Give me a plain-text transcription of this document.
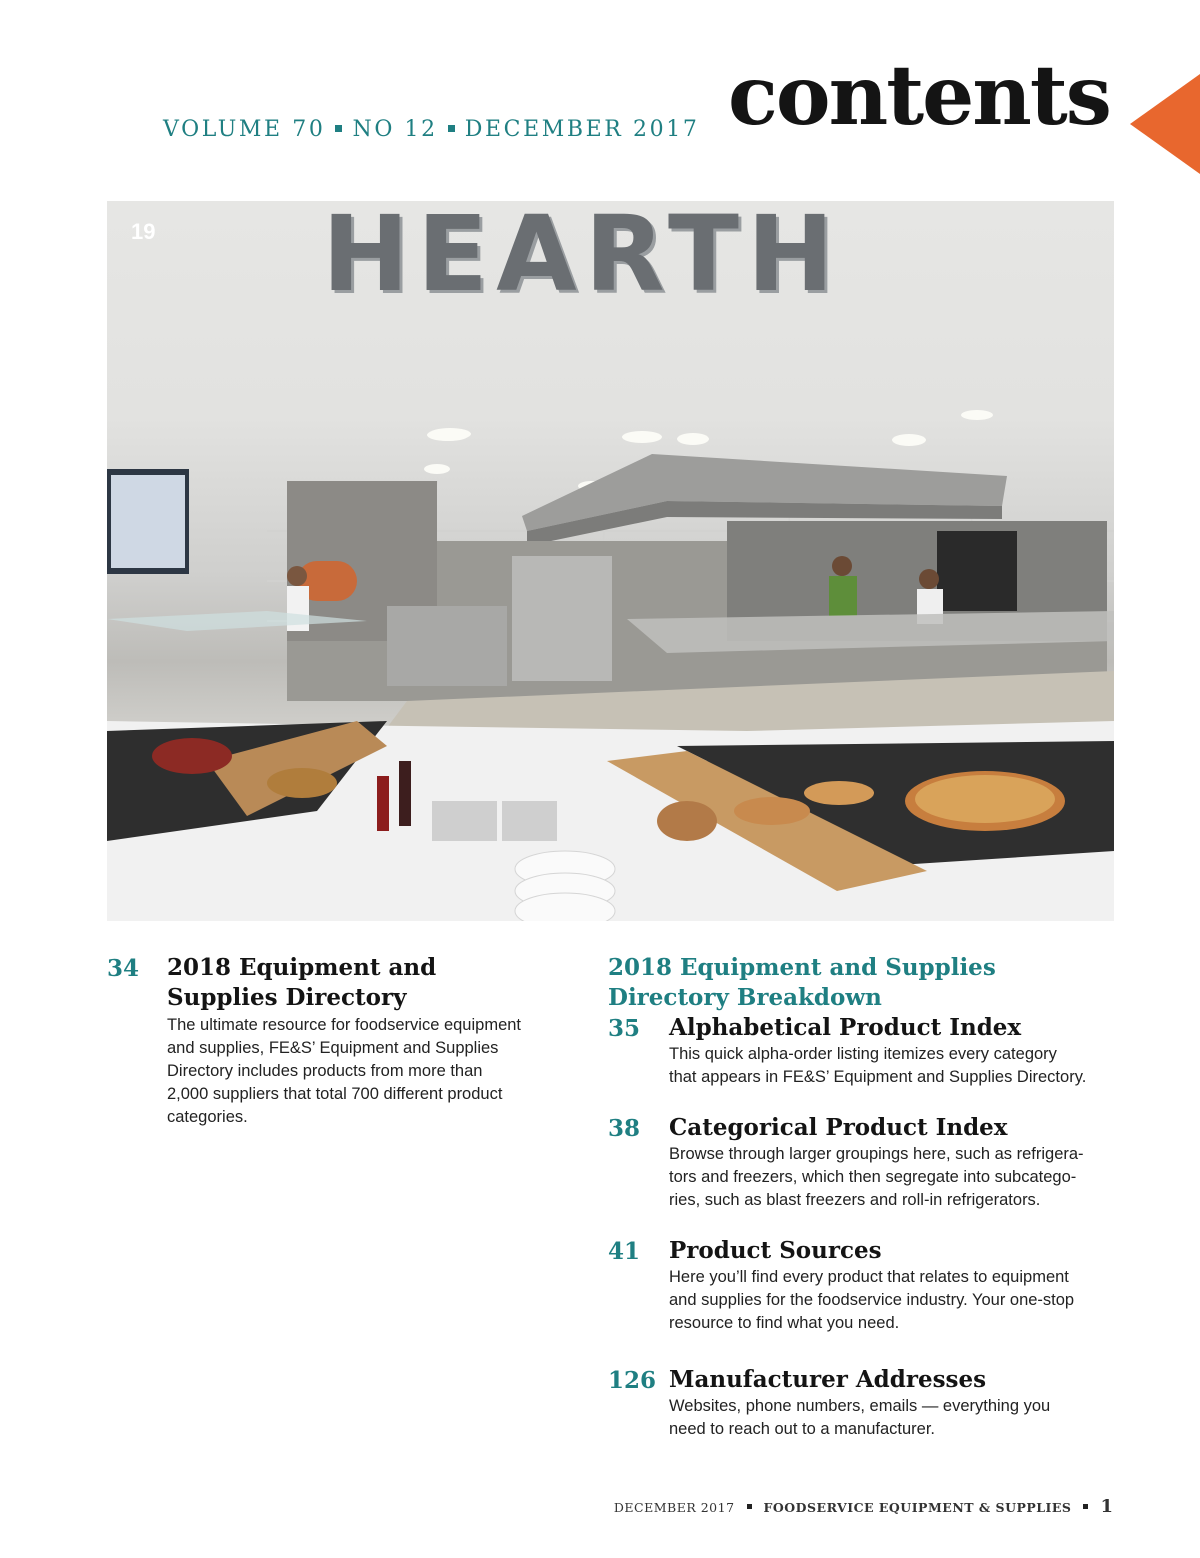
VOLUME 70 NO 12 DECEMBER 2017 contents
HEARTH
19
34 2018 Equipment and
Supplies Directory
The ultimate resource for foodservice equipment
and supplies, FE&S’ Equipment and Supplies
Directory includes products from more than
2,000 suppliers that total 700 different product
categories.
2018 Equipment and Supplies
Directory Breakdown
35 Alphabetical Product Index
This quick alpha-order listing itemizes every category
that appears in FE&S’ Equipment and Supplies Directory.
38 Categorical Product Index
Browse through larger groupings here, such as refrigera-
tors and freezers, which then segregate into subcatego-
ries, such as blast freezers and roll-in refrigerators.
41 Product Sources
Here you’ll find every product that relates to equipment
and supplies for the foodservice industry. Your one-stop
resource to find what you need.
126 Manufacturer Addresses
Websites, phone numbers, emails — everything you
need to reach out to a manufacturer.
DECEMBER 2017 FOODSERVICE EQUIPMENT & SUPPLIES 1
